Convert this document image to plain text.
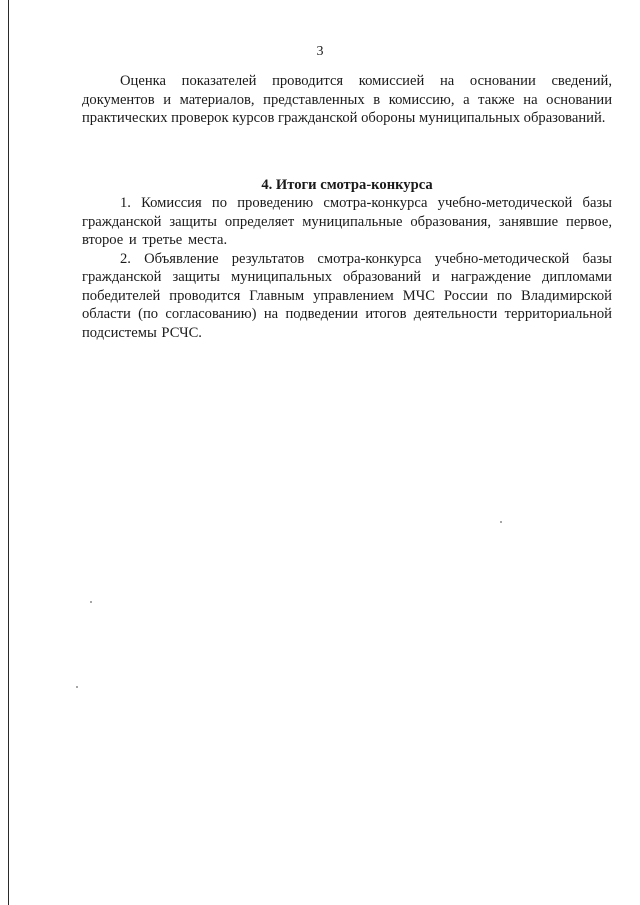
3

Оценка показателей проводится комиссией на основании сведений, документов и материалов, представленных в комиссию, а также на основании практических проверок курсов гражданской обороны муниципальных образований.

4. Итоги смотра-конкурса

1. Комиссия по проведению смотра-конкурса учебно-методической базы гражданской защиты определяет муниципальные образования, занявшие первое, второе и третье места.

2. Объявление результатов смотра-конкурса учебно-методической базы гражданской защиты муниципальных образований и награждение дипломами победителей проводится Главным управлением МЧС России по Владимирской области (по согласованию) на подведении итогов деятельности территориальной подсистемы РСЧС.
